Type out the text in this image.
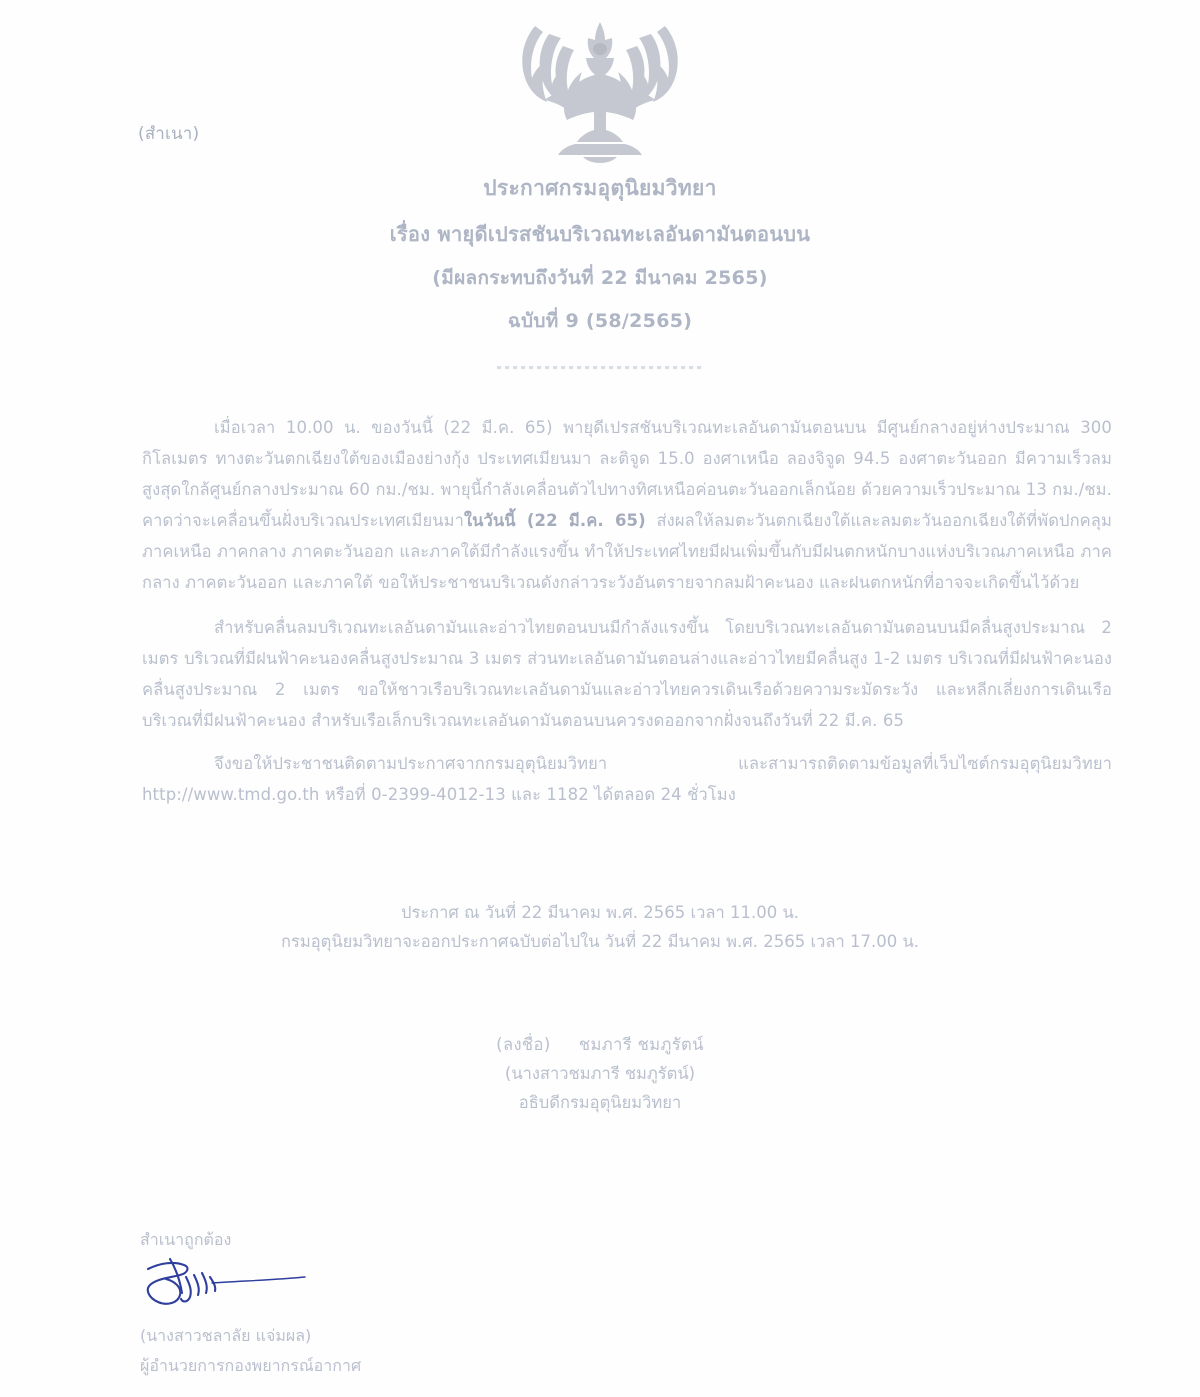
(สำเนา)
ประกาศกรมอุตุนิยมวิทยา
เรื่อง พายุดีเปรสชันบริเวณทะเลอันดามันตอนบน
(มีผลกระทบถึงวันที่ 22 มีนาคม 2565)
ฉบับที่ 9 (58/2565)

เมื่อเวลา 10.00 น. ของวันนี้ (22 มี.ค. 65) พายุดีเปรสชันบริเวณทะเลอันดามันตอนบน มีศูนย์กลางอยู่ห่างประมาณ 300 กิโลเมตร ทางตะวันตกเฉียงใต้ของเมืองย่างกุ้ง ประเทศเมียนมา ละติจูด 15.0 องศาเหนือ ลองจิจูด 94.5 องศาตะวันออก มีความเร็วลมสูงสุดใกล้ศูนย์กลางประมาณ 60 กม./ชม. พายุนี้กำลังเคลื่อนตัวไปทางทิศเหนือค่อนตะวันออกเล็กน้อย ด้วยความเร็วประมาณ 13 กม./ชม. คาดว่าจะเคลื่อนขึ้นฝั่งบริเวณประเทศเมียนมาในวันนี้ (22 มี.ค. 65) ส่งผลให้ลมตะวันตกเฉียงใต้และลมตะวันออกเฉียงใต้ที่พัดปกคลุมภาคเหนือ ภาคกลาง ภาคตะวันออก และภาคใต้มีกำลังแรงขึ้น ทำให้ประเทศไทยมีฝนเพิ่มขึ้นกับมีฝนตกหนักบางแห่งบริเวณภาคเหนือ ภาคกลาง ภาคตะวันออก และภาคใต้ ขอให้ประชาชนบริเวณดังกล่าวระวังอันตรายจากลมฝ้าคะนอง และฝนตกหนักที่อาจจะเกิดขึ้นไว้ด้วย

สำหรับคลื่นลมบริเวณทะเลอันดามันและอ่าวไทยตอนบนมีกำลังแรงขึ้น โดยบริเวณทะเลอันดามันตอนบนมีคลื่นสูงประมาณ 2 เมตร บริเวณที่มีฝนฟ้าคะนองคลื่นสูงประมาณ 3 เมตร ส่วนทะเลอันดามันตอนล่างและอ่าวไทยมีคลื่นสูง 1-2 เมตร บริเวณที่มีฝนฟ้าคะนองคลื่นสูงประมาณ 2 เมตร ขอให้ชาวเรือบริเวณทะเลอันดามันและอ่าวไทยควรเดินเรือด้วยความระมัดระวัง และหลีกเลี่ยงการเดินเรือบริเวณที่มีฝนฟ้าคะนอง สำหรับเรือเล็กบริเวณทะเลอันดามันตอนบนควรงดออกจากฝั่งจนถึงวันที่ 22 มี.ค. 65

จึงขอให้ประชาชนติดตามประกาศจากกรมอุตุนิยมวิทยา และสามารถติดตามข้อมูลที่เว็บไซต์กรมอุตุนิยมวิทยา http://www.tmd.go.th หรือที่ 0-2399-4012-13 และ 1182 ได้ตลอด 24 ชั่วโมง

ประกาศ ณ วันที่ 22 มีนาคม พ.ศ. 2565 เวลา 11.00 น.
กรมอุตุนิยมวิทยาจะออกประกาศฉบับต่อไปใน วันที่ 22 มีนาคม พ.ศ. 2565 เวลา 17.00 น.
(ลงชื่อ) ชมภารี ชมภูรัตน์
(นางสาวชมภารี ชมภูรัตน์)
อธิบดีกรมอุตุนิยมวิทยา
สำเนาถูกต้อง
(นางสาวชลาลัย แจ่มผล)
ผู้อำนวยการกองพยากรณ์อากาศ
